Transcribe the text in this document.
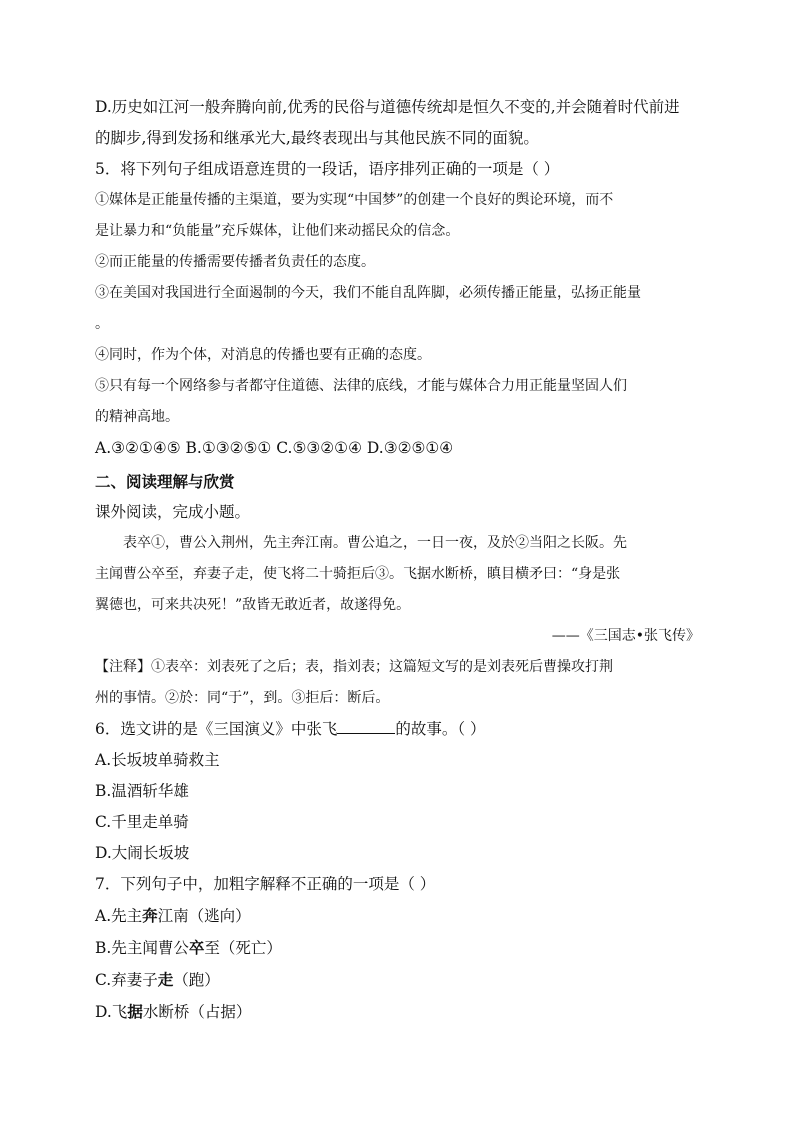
D.历史如江河一般奔腾向前,优秀的民俗与道德传统却是恒久不变的,并会随着时代前进
的脚步,得到发扬和继承光大,最终表现出与其他民族不同的面貌。
5．将下列句子组成语意连贯的一段话，语序排列正确的一项是（ ）
①媒体是正能量传播的主渠道，要为实现“中国梦”的创建一个良好的舆论环境，而不
是让暴力和“负能量”充斥媒体，让他们来动摇民众的信念。
②而正能量的传播需要传播者负责任的态度。
③在美国对我国进行全面遏制的今天，我们不能自乱阵脚，必须传播正能量，弘扬正能量
。
④同时，作为个体，对消息的传播也要有正确的态度。
⑤只有每一个网络参与者都守住道德、法律的底线，才能与媒体合力用正能量坚固人们
的精神高地。
A.③②①④⑤ B.①③②⑤① C.⑤③②①④ D.③②⑤①④
二、阅读理解与欣赏
课外阅读，完成小题。
表卒①，曹公入荆州，先主奔江南。曹公追之，一日一夜，及於②当阳之长阪。先
主闻曹公卒至，弃妻子走，使飞将二十骑拒后③。飞据水断桥，瞋目横矛曰：“身是张
翼德也，可来共决死！”敌皆无敢近者，故遂得免。
——《三国志•张飞传》
【注释】①表卒：刘表死了之后；表，指刘表；这篇短文写的是刘表死后曹操攻打荆
州的事情。②於：同“于”，到。③拒后：断后。
6．选文讲的是《三国演义》中张飞	的故事。（ ）
A.长坂坡单骑救主
B.温酒斩华雄
C.千里走单骑
D.大闹长坂坡
7．下列句子中，加粗字解释不正确的一项是（ ）
A.先主奔江南（逃向）
B.先主闻曹公卒至（死亡）
C.弃妻子走（跑）
D.飞据水断桥（占据）
